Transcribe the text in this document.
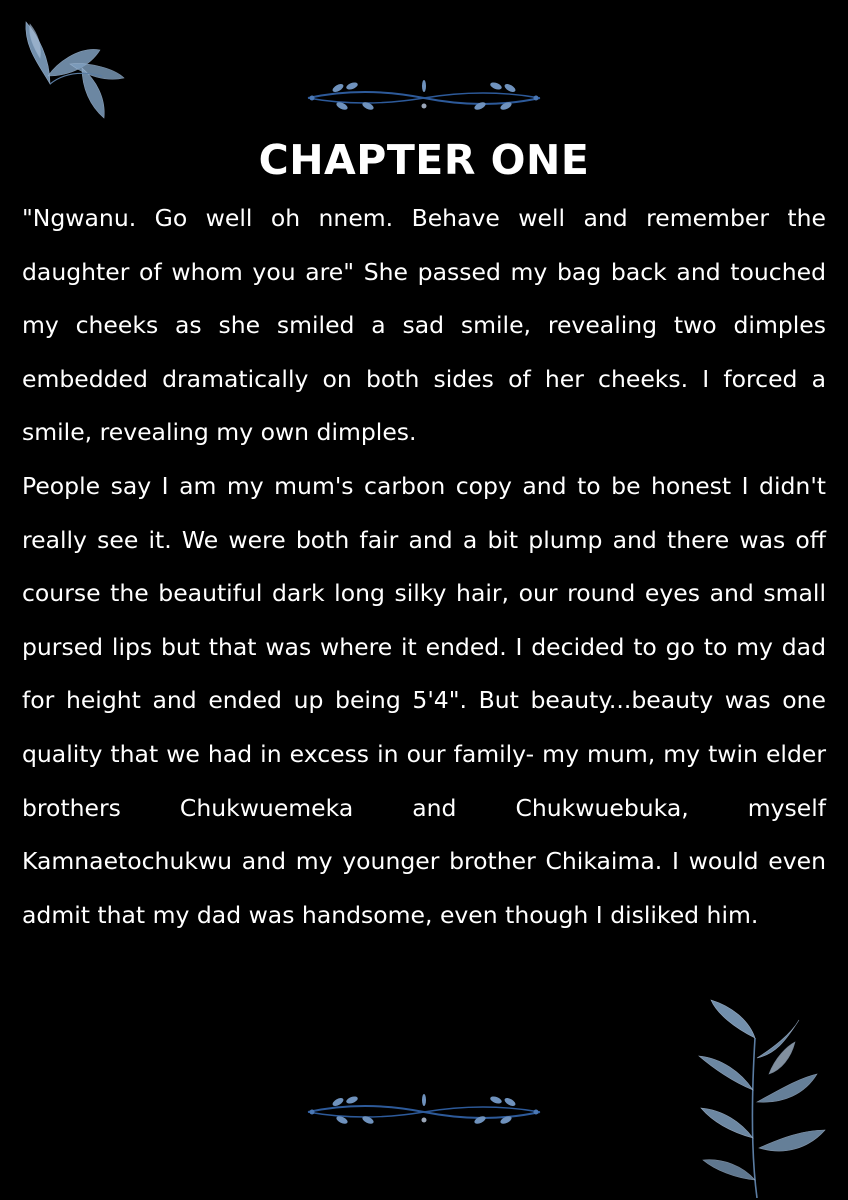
CHAPTER ONE

"Ngwanu. Go well oh nnem. Behave well and remember the daughter of whom you are" She passed my bag back and touched my cheeks as she smiled a sad smile, revealing two dimples embedded dramatically on both sides of her cheeks. I forced a smile, revealing my own dimples.

People say I am my mum's carbon copy and to be honest I didn't really see it. We were both fair and a bit plump and there was off course the beautiful dark long silky hair, our round eyes and small pursed lips but that was where it ended. I decided to go to my dad for height and ended up being 5'4". But beauty...beauty was one quality that we had in excess in our family- my mum, my twin elder brothers Chukwuemeka and Chukwuebuka, myself Kamnaetochukwu and my younger brother Chikaima. I would even admit that my dad was handsome, even though I disliked him.
